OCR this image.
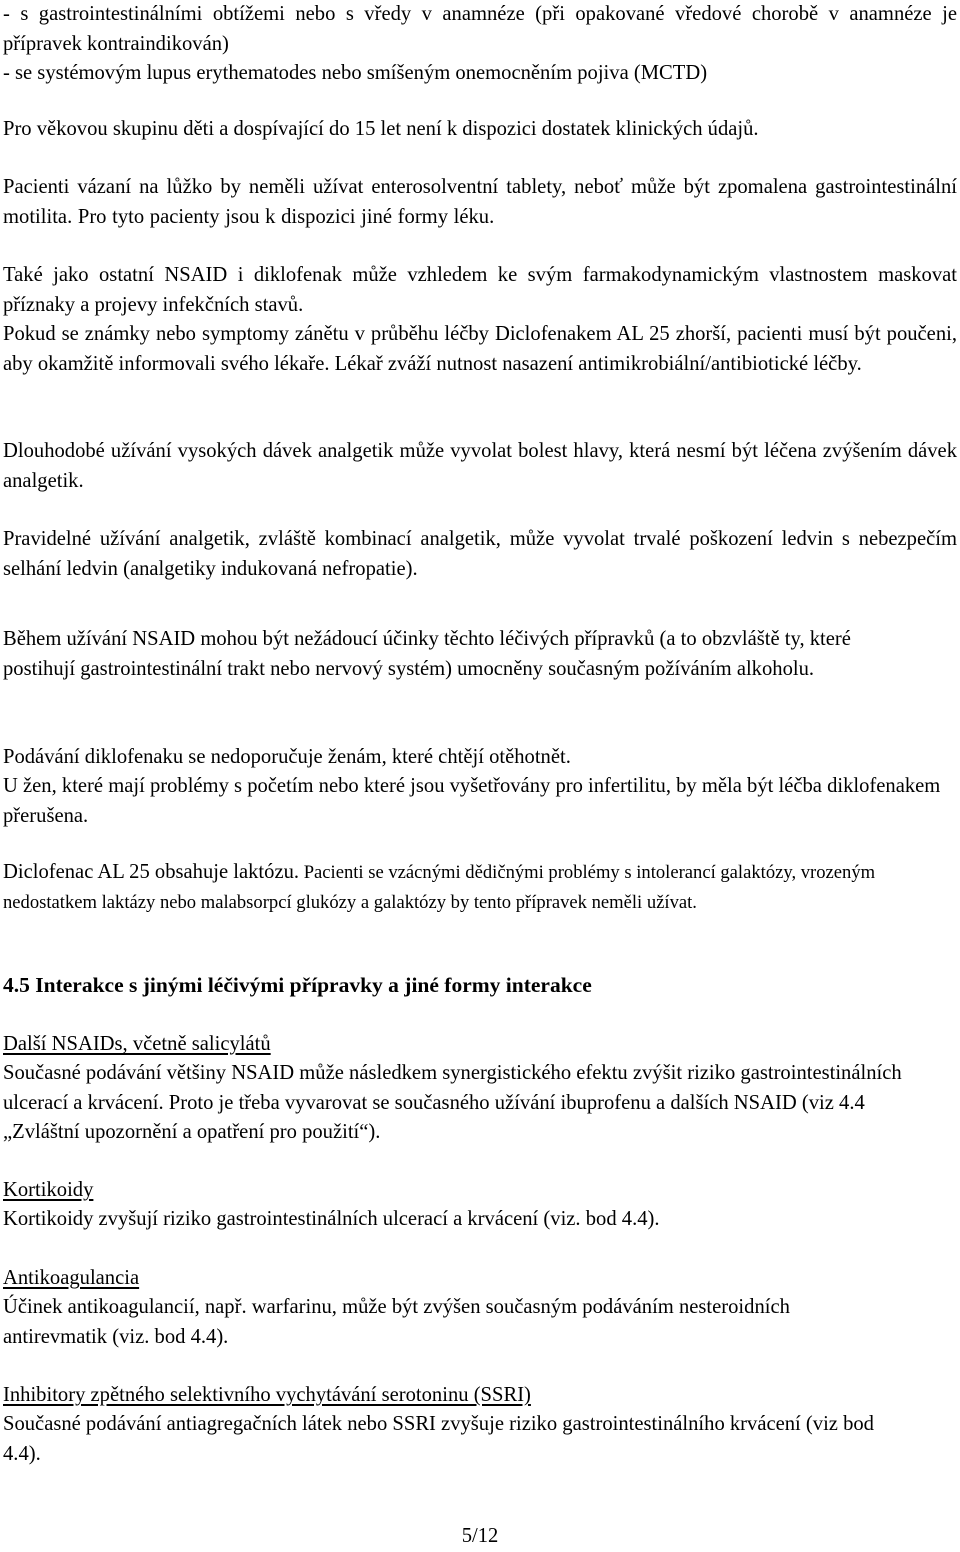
- s gastrointestinálními obtížemi nebo s vředy v anamnéze (při opakované vředové chorobě v anamnéze je přípravek kontraindikován)

- se systémovým lupus erythematodes nebo smíšeným onemocněním pojiva (MCTD)

Pro věkovou skupinu děti a dospívající do 15 let není k dispozici dostatek klinických údajů.

Pacienti vázaní na lůžko by neměli užívat enterosolventní tablety, neboť může být zpomalena gastrointestinální motilita. Pro tyto pacienty jsou k dispozici jiné formy léku.

Také jako ostatní NSAID i diklofenak může vzhledem ke svým farmakodynamickým vlastnostem maskovat příznaky a projevy infekčních stavů.

Pokud se známky nebo symptomy zánětu v průběhu léčby Diclofenakem AL 25 zhorší, pacienti musí být poučeni, aby okamžitě informovali svého lékaře. Lékař zváží nutnost nasazení antimikrobiální/antibiotické léčby.

Dlouhodobé užívání vysokých dávek analgetik může vyvolat bolest hlavy, která nesmí být léčena zvýšením dávek analgetik.

Pravidelné užívání analgetik, zvláště kombinací analgetik, může vyvolat trvalé poškození ledvin s nebezpečím selhání ledvin (analgetiky indukovaná nefropatie).

Během užívání NSAID mohou být nežádoucí účinky těchto léčivých přípravků (a to obzvláště ty, které postihují gastrointestinální trakt nebo nervový systém) umocněny současným požíváním alkoholu.

Podávání diklofenaku se nedoporučuje ženám, které chtějí otěhotnět.

U žen, které mají problémy s početím nebo které jsou vyšetřovány pro infertilitu, by měla být léčba diklofenakem přerušena.

Diclofenac AL 25 obsahuje laktózu. Pacienti se vzácnými dědičnými problémy s intolerancí galaktózy, vrozeným nedostatkem laktázy nebo malabsorpcí glukózy a galaktózy by tento přípravek neměli užívat.

4.5 Interakce s jinými léčivými přípravky a jiné formy interakce

Další NSAIDs, včetně salicylátů

Současné podávání většiny NSAID může následkem synergistického efektu zvýšit riziko gastrointestinálních ulcerací a krvácení. Proto je třeba vyvarovat se současného užívání ibuprofenu a dalších NSAID (viz 4.4 „Zvláštní upozornění a opatření pro použití“).

Kortikoidy

Kortikoidy zvyšují riziko gastrointestinálních ulcerací a krvácení (viz. bod 4.4).

Antikoagulancia

Účinek antikoagulancií, např. warfarinu, může být zvýšen současným podáváním nesteroidních antirevmatik (viz. bod 4.4).

Inhibitory zpětného selektivního vychytávání serotoninu (SSRI)

Současné podávání antiagregačních látek nebo SSRI zvyšuje riziko gastrointestinálního krvácení (viz bod 4.4).

5/12
